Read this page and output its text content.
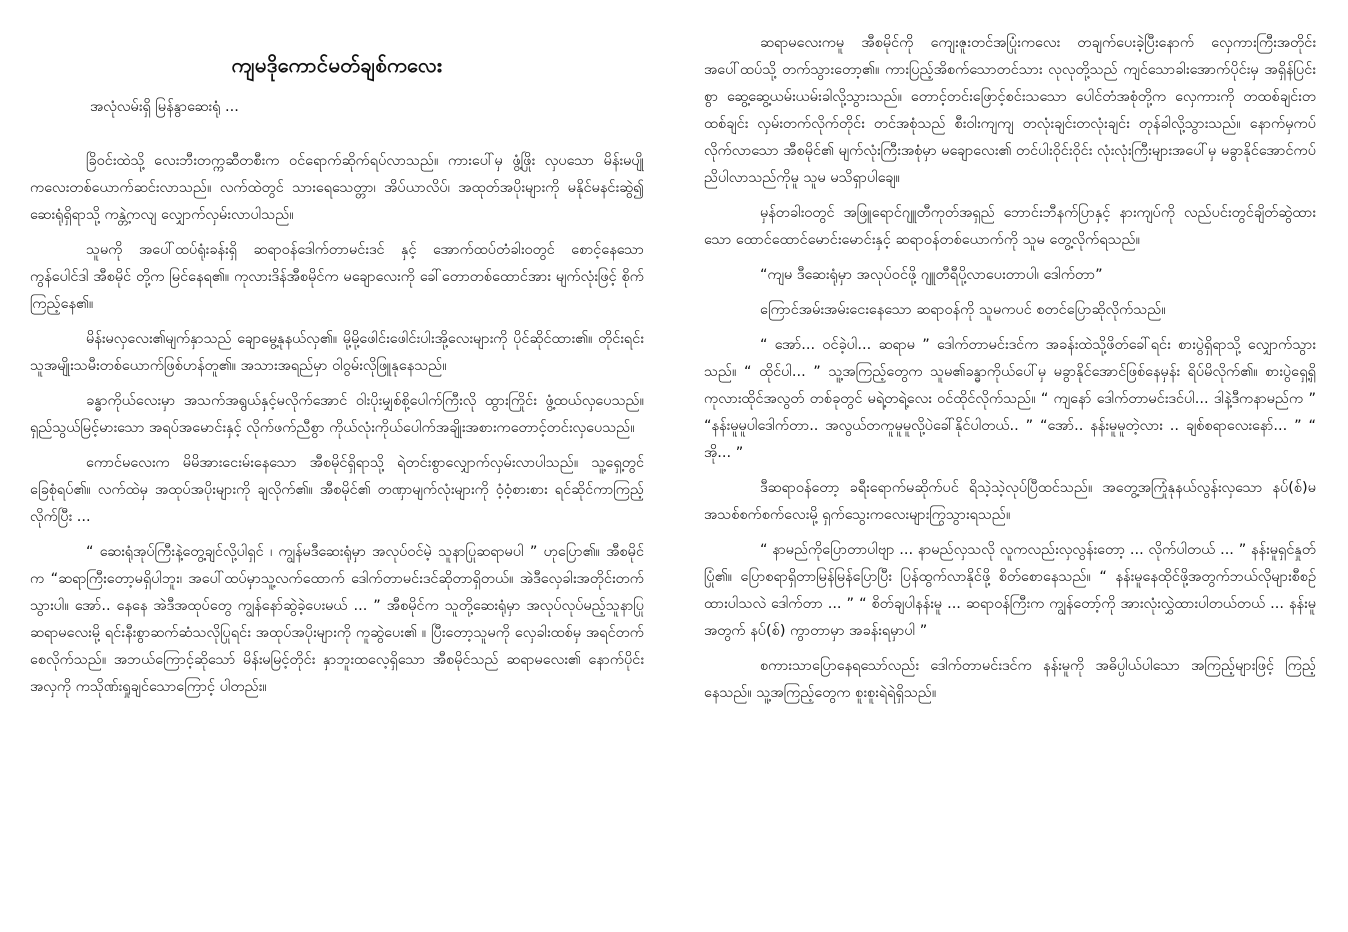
ကျမဒိုကောင်မတ်ချစ်ကလေး
အလုံလမ်းရှိ မြန်နွာဆေးရုံ ...

ခြိဝင်းထဲသို့ လေးဘီးတက္ကဆီတစီးက ဝင်ရောက်ဆိုက်ရပ်လာသည်။ ကားပေါ်မှ ဖွံ့ဖြိုး လှပသော မိန်းမပျိုကလေးတစ်ယောက်ဆင်းလာသည်။ လက်ထဲတွင် သားရေသေတ္တာ၊ အိပ်ယာလိပ်၊ အထုတ်အပိုးများကို မနိုင်မနင်းဆွဲ၍ ဆေးရုံရှိရာသို့ ကန္တဲ့ကလျ လျှောက်လှမ်းလာပါသည်။

သူမကို အပေါ်ထပ်ရုံးခန်းရှိ ဆရာဝန်ဒေါက်တာမင်းဒင် နှင့် အောက်ထပ်တံခါးဝတွင် စောင့်နေသော ကွန်ပေါင်ဒါ အီစမိုင် တို့က မြင်နေရ၏။ ကုလားဒိန်အီစမိုင်က မချောလေးကို ခေါ်တောတစ်ထောင်အား မျက်လုံးဖြင့် စိုက်ကြည့်နေ၏။

မိန်းမလှလေး၏မျက်နှာသည် ချောမွေ့နုနယ်လှ၏။ မို့မို့ဖေါင်းဖေါင်းပါးအို့လေးများကို ပိုင်ဆိုင်ထား၏။ တိုင်းရင်းသူအမျိုးသမီးတစ်ယောက်ဖြစ်ဟန်တူ၏။ အသားအရည်မှာ ဝါဝွမ်းလိုဖြူနုနေသည်။

ခန္ဓာကိုယ်လေးမှာ အသက်အရွယ်နှင့်မလိုက်အောင် ဝါးပိုးမျှစ်စို့ပေါက်ကြီးလို ထွားကြိုင်း ဖွံ့ထယ်လှပေသည်။ ရှည်သွယ်မြင့်မားသော အရပ်အမောင်းနှင့် လိုက်ဖက်ညီစွာ ကိုယ်လုံးကိုယ်ပေါက်အချိုးအစားကတောင့်တင်းလှပေသည်။

ကောင်မလေးက မိမိအားငေးမ်းနေသော အီစမိုင်ရှိရာသို့ ရဲတင်းစွာလျှောက်လှမ်းလာပါသည်။ သူ့ရှေ့တွင် ခြေစုံရပ်၏။ လက်ထဲမှ အထုပ်အပိုးများကို ချလိုက်၏။ အီစမိုင်၏ တဏှာမျက်လုံးများကို ဝံ့ဝံ့စားစား ရင်ဆိုင်ကာကြည့်လိုက်ပြီး ...

“ ဆေးရုံအုပ်ကြီးနဲ့တွေ့ချင်လို့ပါရှင် ၊ ကျွန်မဒီဆေးရုံမှာ အလုပ်ဝင်မဲ့ သူနာပြုဆရာမပါ ” ဟုပြော၏။ အီစမိုင်က “ဆရာကြီးတော့မရှိပါဘူး၊ အပေါ်ထပ်မှာသူ့လက်ထောက် ဒေါက်တာမင်းဒင်ဆိုတာရှိတယ်။ အဲဒီလှေခါးအတိုင်းတက်သွားပါ။ အော်.. နေနေ အဲဒီအထုပ်တွေ ကျွန်နော်ဆွဲခဲ့ပေးမယ် ... ” အီစမိုင်က သူတို့ဆေးရုံမှာ အလုပ်လုပ်မည့်သူနာပြုဆရာမလေးမို့ ရင်းနီးစွာဆက်ဆံသလိုပြုရင်း အထုပ်အပိုးများကို ကူဆွဲပေး၏ ။ ပြီးတော့သူမကို လှေခါးထစ်မှ အရင်တက်စေလိုက်သည်။ အဘယ်ကြောင့်ဆိုသော် မိန်းမမြင့်တိုင်း နှာဘူးထလေ့ရှိသော အီစမိုင်သည် ဆရာမလေး၏ နောက်ပိုင်းအလှကို ကသိုဏ်းရှုချင်သောကြောင့် ပါတည်း။

ဆရာမလေးကမူ အီစမိုင်ကို ကျေးဇူးတင်အပြုံးကလေး တချက်ပေးခဲ့ပြီးနောက် လှေကားကြီးအတိုင်း အပေါ်ထပ်သို့ တက်သွားတော့၏။ ကားပြည့်အိစက်သောတင်သား လုလုတို့သည် ကျင်သောခါးအောက်ပိုင်းမှ အရှိန်ပြင်းစွာ ဆွေ့ဆွေ့ယမ်းယမ်းခါလို့သွားသည်။ တောင့်တင်းဖြောင့်စင်းသသော ပေါင်တံအစုံတို့က လှေကားကို တထစ်ချင်းတထစ်ချင်း လှမ်းတက်လိုက်တိုင်း တင်အစုံသည် စီးဝါးကျကျ တလုံးချင်းတလုံးချင်း တုန်ခါလို့သွားသည်။ နောက်မှကပ်လိုက်လာသော အီစမိုင်၏ မျက်လုံးကြီးအစုံမှာ မချောလေး၏ တင်ပါးဝိုင်းဝိုင်း လုံးလုံးကြီးများအပေါ်မှ မခွာနိုင်အောင်ကပ်ညိပါလာသည်ကိုမူ သူမ မသိရှာပါချေ။

မှန်တခါးဝတွင် အဖြူရောင်ဂျူတီကုတ်အရှည် ဘောင်းဘီနက်ပြာနှင့် နားကျပ်ကို လည်ပင်းတွင်ချိတ်ဆွဲထားသော ထောင်ထောင်မောင်းမောင်းနှင့် ဆရာဝန်တစ်ယောက်ကို သူမ တွေ့လိုက်ရသည်။

“ကျမ ဒီဆေးရုံမှာ အလုပ်ဝင်ဖို့ ဂျူတီရီပို့လာပေးတာပါ၊ ဒေါက်တာ”

ကြောင်အမ်းအမ်းငေးနေသော ဆရာဝန်ကို သူမကပင် စတင်ပြောဆိုလိုက်သည်။

“ အော်... ဝင်ခဲ့ပါ... ဆရာမ ” ဒေါက်တာမင်းဒင်က အခန်းထဲသို့ဖိတ်ခေါ်ရင်း စားပွဲရှိရာသို့ လျှောက်သွားသည်။ “ ထိုင်ပါ... ” သူ့အကြည့်တွေက သူမ၏ခန္ဓာကိုယ်ပေါ်မှ မခွာနိုင်အောင်ဖြစ်နေမှန်း ရိပ်မိလိုက်၏။ စားပွဲရှေ့ရှိ ကုလားထိုင်အလွတ် တစ်ခုတွင် မရဲ့တရဲ့လေး ဝင်ထိုင်လိုက်သည်။ “ ကျနော် ဒေါက်တာမင်းဒင်ပါ... ဒါနဲ့ဒီကနာမည်က ” “နန်းမူမူပါဒေါက်တာ.. အလွယ်တကူမူမူလို့ပဲခေါ်နိုင်ပါတယ်.. ” “အော်.. နန်းမူမူတဲ့လား .. ချစ်စရာလေးနော်... ” “ အို... ”

ဒီဆရာဝန်တော့ ခရီးရောက်မဆိုက်ပင် ရိသဲ့သဲ့လုပ်ပြီထင်သည်။ အတွေ့အကြုံနုနယ်လွန်းလှသော နပ်(စ်)မအသစ်စက်စက်လေးမို့ ရှက်သွေးကလေးများကြွသွားရသည်။

“ နာမည်ကိုပြောတာပါဗျာ ... နာမည်လှသလို လူကလည်းလှလွန်းတော့ ... လိုက်ပါတယ် ... ” နန်းမူရှင်နှုတ်ပြုံ၏။ ပြောစရာရှိတာမြန်မြန်ပြောပြီး ပြန်ထွက်လာနိုင်ဖို့ စိတ်စောနေသည်။ “ နန်းမူနေထိုင်ဖို့အတွက်ဘယ်လိုများစီစဉ်ထားပါသလဲ ဒေါက်တာ ... ” “ စိတ်ချပါနန်းမူ ... ဆရာဝန်ကြီးက ကျွန်တော့်ကို အားလုံးလွှဲထားပါတယ်တယ် ... နန်းမူအတွက် နပ်(စ်) ကွာတာမှာ အခန်းရမှာပါ ”

စကားသာပြောနေရသော်လည်း ဒေါက်တာမင်းဒင်က နန်းမူကို အဓိပ္ပါယ်ပါသော အကြည့်များဖြင့် ကြည့်နေသည်။ သူ့အကြည့်တွေက စူးစူးရဲရဲရှိသည်။
